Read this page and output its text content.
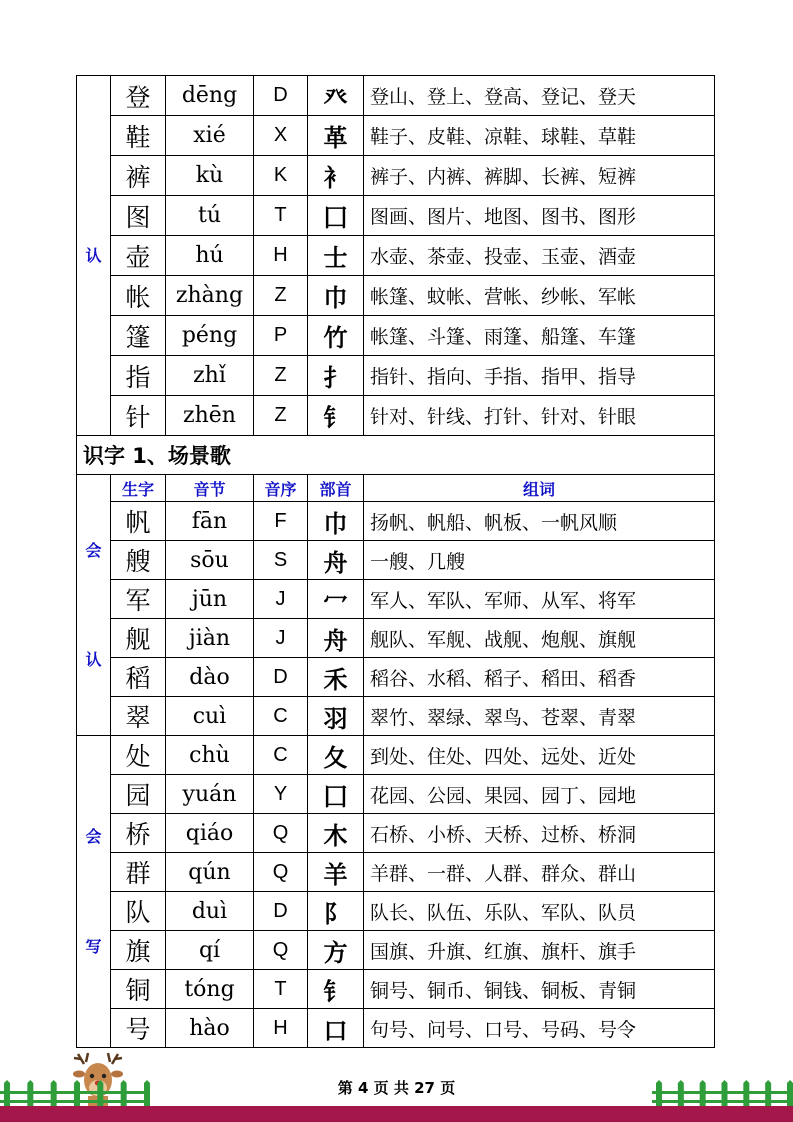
认	登	dēng	D	癶	登山、登上、登高、登记、登天
	鞋	xié	X	革	鞋子、皮鞋、凉鞋、球鞋、草鞋
	裤	kù	K	衤	裤子、内裤、裤脚、长裤、短裤
	图	tú	T	囗	图画、图片、地图、图书、图形
	壶	hú	H	士	水壶、茶壶、投壶、玉壶、酒壶
	帐	zhàng	Z	巾	帐篷、蚊帐、营帐、纱帐、军帐
	篷	péng	P	竹	帐篷、斗篷、雨篷、船篷、车篷
	指	zhǐ	Z	扌	指针、指向、手指、指甲、指导
	针	zhēn	Z	钅	针对、针线、打针、针对、针眼
识字 1、场景歌					

会
认	生字	音节	音序	部首	组词
	帆	fān	F	巾	扬帆、帆船、帆板、一帆风顺
	艘	sōu	S	舟	一艘、几艘
	军	jūn	J	冖	军人、军队、军师、从军、将军
	舰	jiàn	J	舟	舰队、军舰、战舰、炮舰、旗舰
	稻	dào	D	禾	稻谷、水稻、稻子、稻田、稻香
	翠	cuì	C	羽	翠竹、翠绿、翠鸟、苍翠、青翠

会
写	处	chù	C	夂	到处、住处、四处、远处、近处
	园	yuán	Y	囗	花园、公园、果园、园丁、园地
	桥	qiáo	Q	木	石桥、小桥、天桥、过桥、桥洞
	群	qún	Q	羊	羊群、一群、人群、群众、群山
	队	duì	D	阝	队长、队伍、乐队、军队、队员
	旗	qí	Q	方	国旗、升旗、红旗、旗杆、旗手
	铜	tóng	T	钅	铜号、铜币、铜钱、铜板、青铜
	号	hào	H	口	句号、问号、口号、号码、号令
第 4 页 共 27 页
